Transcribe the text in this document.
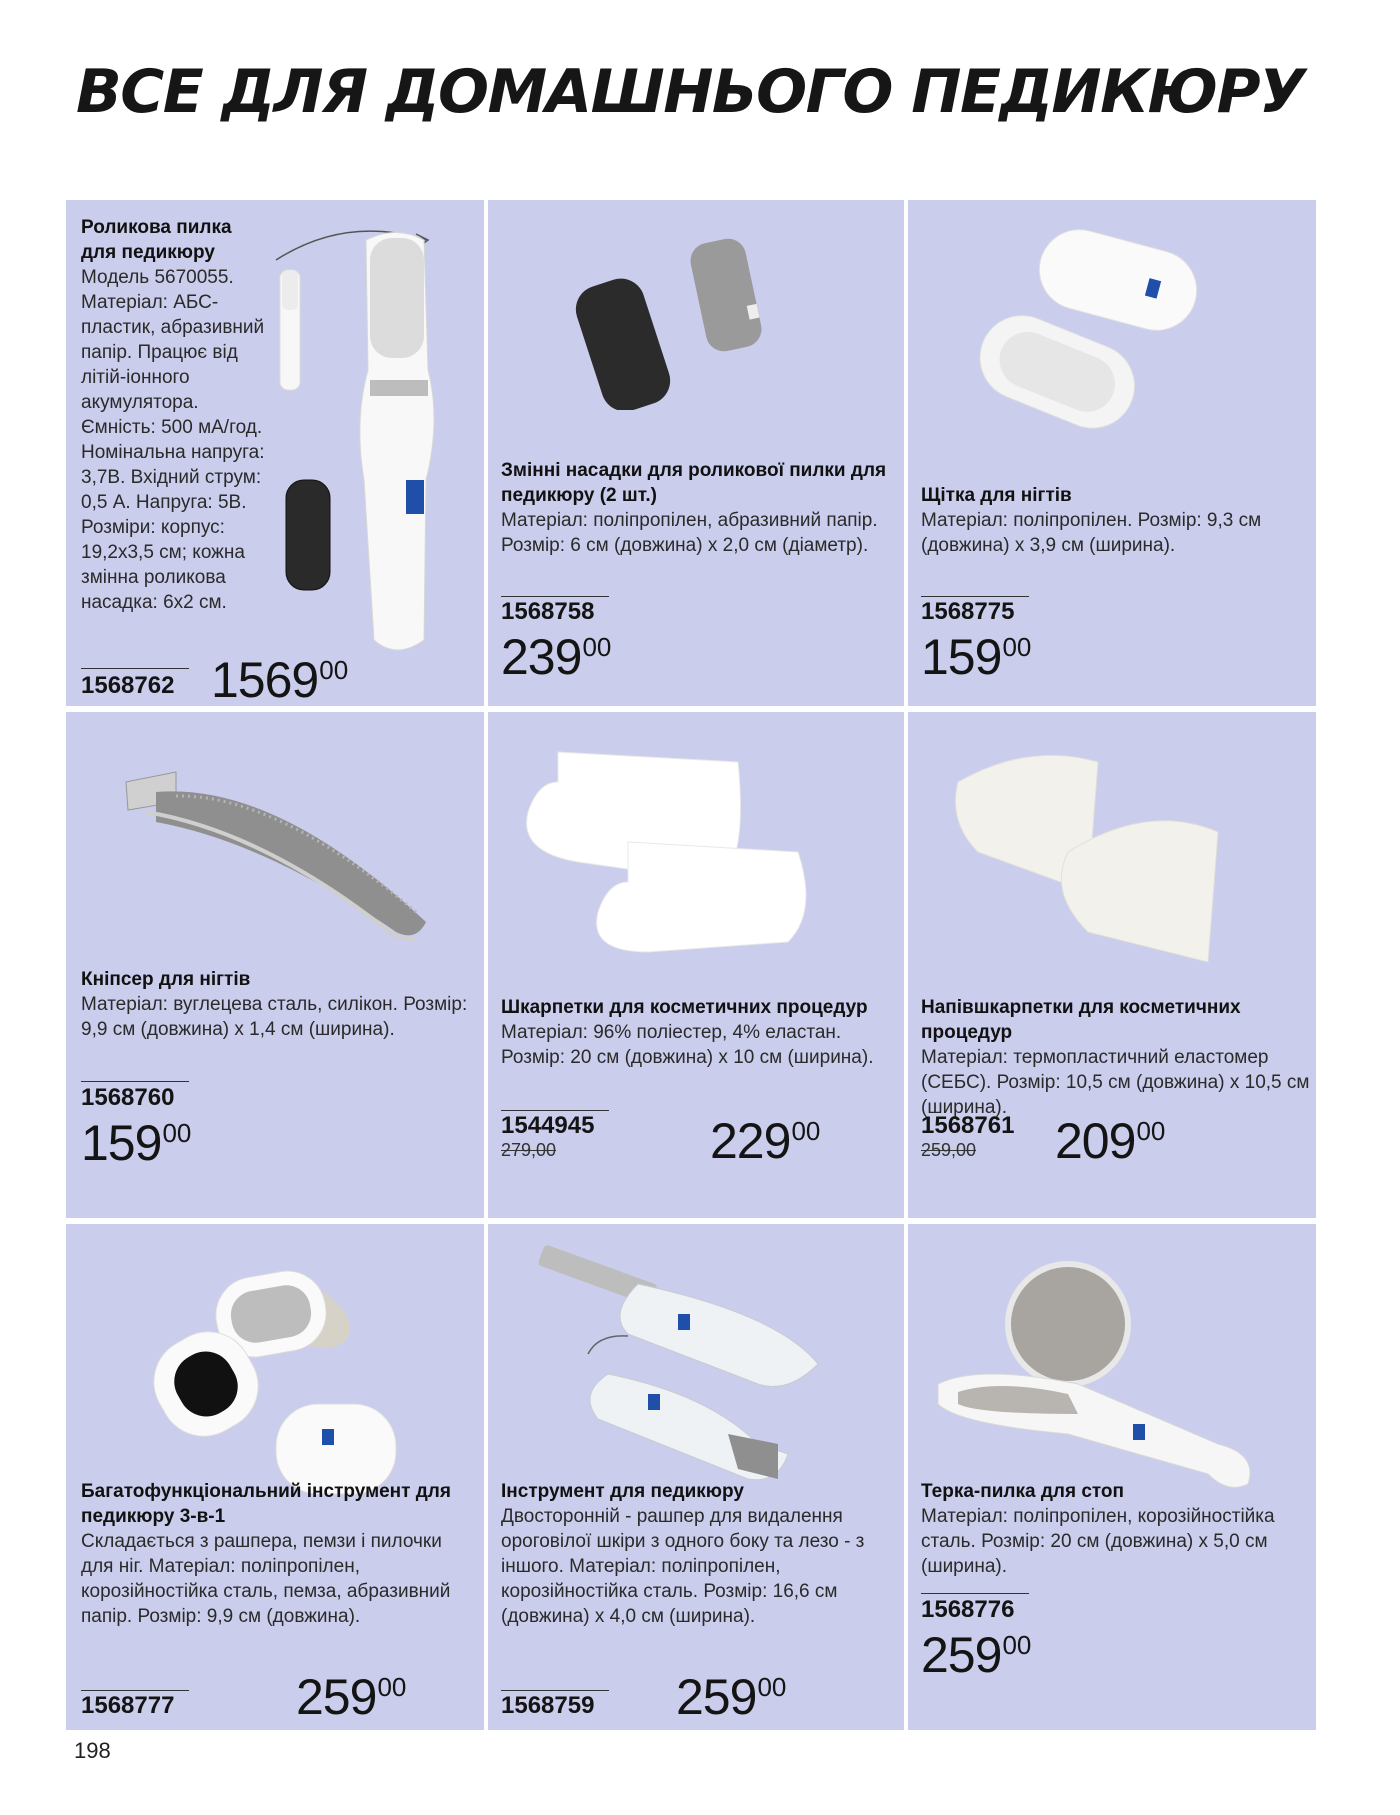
ВСЕ ДЛЯ ДОМАШНЬОГО ПЕДИКЮРУ
Роликова пилка для педикюру
Модель 5670055. Матеріал: АБС-пластик, абразивний папір. Працює від літій-іонного акумулятора. Ємність: 500 мА/год. Номінальна напруга: 3,7В. Вхідний струм: 0,5 А. Напруга: 5В. Розміри: корпус: 19,2х3,5 см; кожна змінна роликова насадка: 6х2 см.
1568762 156900
Змінні насадки для роликової пилки для педикюру (2 шт.)
Матеріал: поліпропілен, абразивний папір. Розмір: 6 см (довжина) х 2,0 см (діаметр).
1568758
23900
Щітка для нігтів
Матеріал: поліпропілен. Розмір: 9,3 см (довжина) х 3,9 см (ширина).
1568775
15900
Кніпсер для нігтів
Матеріал: вуглецева сталь, силікон. Розмір: 9,9 см (довжина) х 1,4 см (ширина).
1568760
15900
Шкарпетки для косметичних процедур
Матеріал: 96% поліестер, 4% еластан. Розмір: 20 см (довжина) х 10 см (ширина).
1544945
279,00	22900
Напівшкарпетки для косметичних процедур
Матеріал: термопластичний еластомер (СЕБС). Розмір: 10,5 см (довжина) х 10,5 см (ширина).
1568761
259,00 20900
Багатофункціональний інструмент для педикюру 3-в-1
Складається з рашпера, пемзи і пилочки для ніг. Матеріал: поліпропілен, корозійностійка сталь, пемза, абразивний папір. Розмір: 9,9 см (довжина).
1568777 25900
Інструмент для педикюру
Двосторонній - рашпер для видалення ороговілої шкіри з одного боку та лезо - з іншого. Матеріал: поліпропілен, корозійностійка сталь. Розмір: 16,6 см (довжина) х 4,0 см (ширина).
1568759 25900
Терка-пилка для стоп
Матеріал: поліпропілен, корозійностійка сталь. Розмір: 20 см (довжина) х 5,0 см (ширина).
1568776
25900
198
